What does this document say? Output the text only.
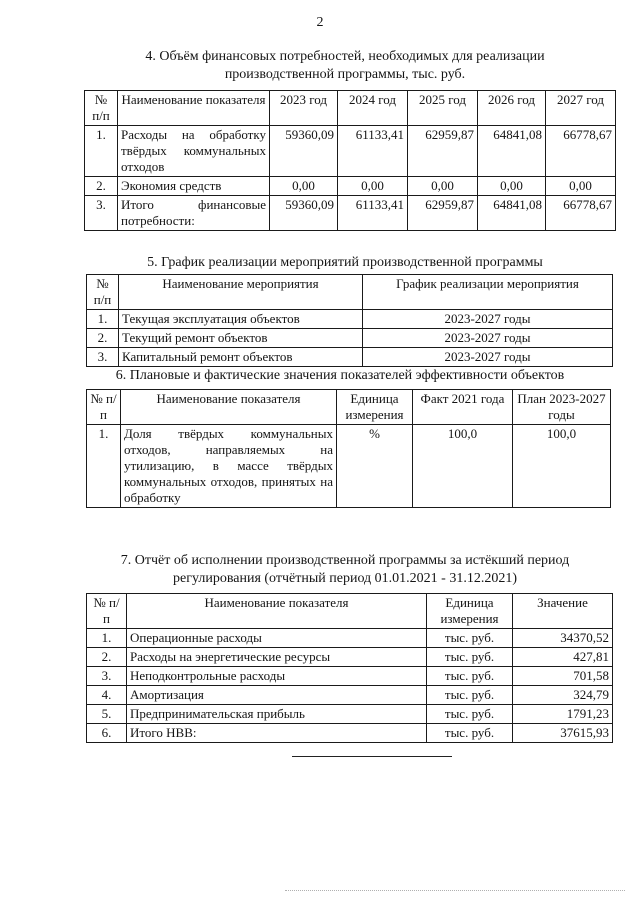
2
4. Объём финансовых потребностей, необходимых для реализации
производственной программы, тыс. руб.
№ п/п	Наименование показателя	2023 год	2024 год	2025 год	2026 год	2027 год
1.	Расходы на обработку твёрдых коммунальных отходов	59360,09	61133,41	62959,87	64841,08	66778,67
2.	Экономия средств	0,00	0,00	0,00	0,00	0,00
3.	Итого финансовые потребности:	59360,09	61133,41	62959,87	64841,08	66778,67
5. График реализации мероприятий производственной программы
№ п/п	Наименование мероприятия	График реализации мероприятия
1.	Текущая эксплуатация объектов	2023-2027 годы
2.	Текущий ремонт объектов	2023-2027 годы
3.	Капитальный ремонт объектов	2023-2027 годы
6. Плановые и фактические значения показателей эффективности объектов
№ п/п	Наименование показателя	Единица измерения	Факт 2021 года	План 2023-2027 годы
1.	Доля твёрдых коммунальных отходов, направляемых на утилизацию, в массе твёрдых коммунальных отходов, принятых на обработку	%	100,0	100,0
7. Отчёт об исполнении производственной программы за истёкший период
регулирования (отчётный период 01.01.2021 - 31.12.2021)
№ п/п	Наименование показателя	Единица измерения	Значение
1.	Операционные расходы	тыс. руб.	34370,52
2.	Расходы на энергетические ресурсы	тыс. руб.	427,81
3.	Неподконтрольные расходы	тыс. руб.	701,58
4.	Амортизация	тыс. руб.	324,79
5.	Предпринимательская прибыль	тыс. руб.	1791,23
6.	Итого НВВ:	тыс. руб.	37615,93
